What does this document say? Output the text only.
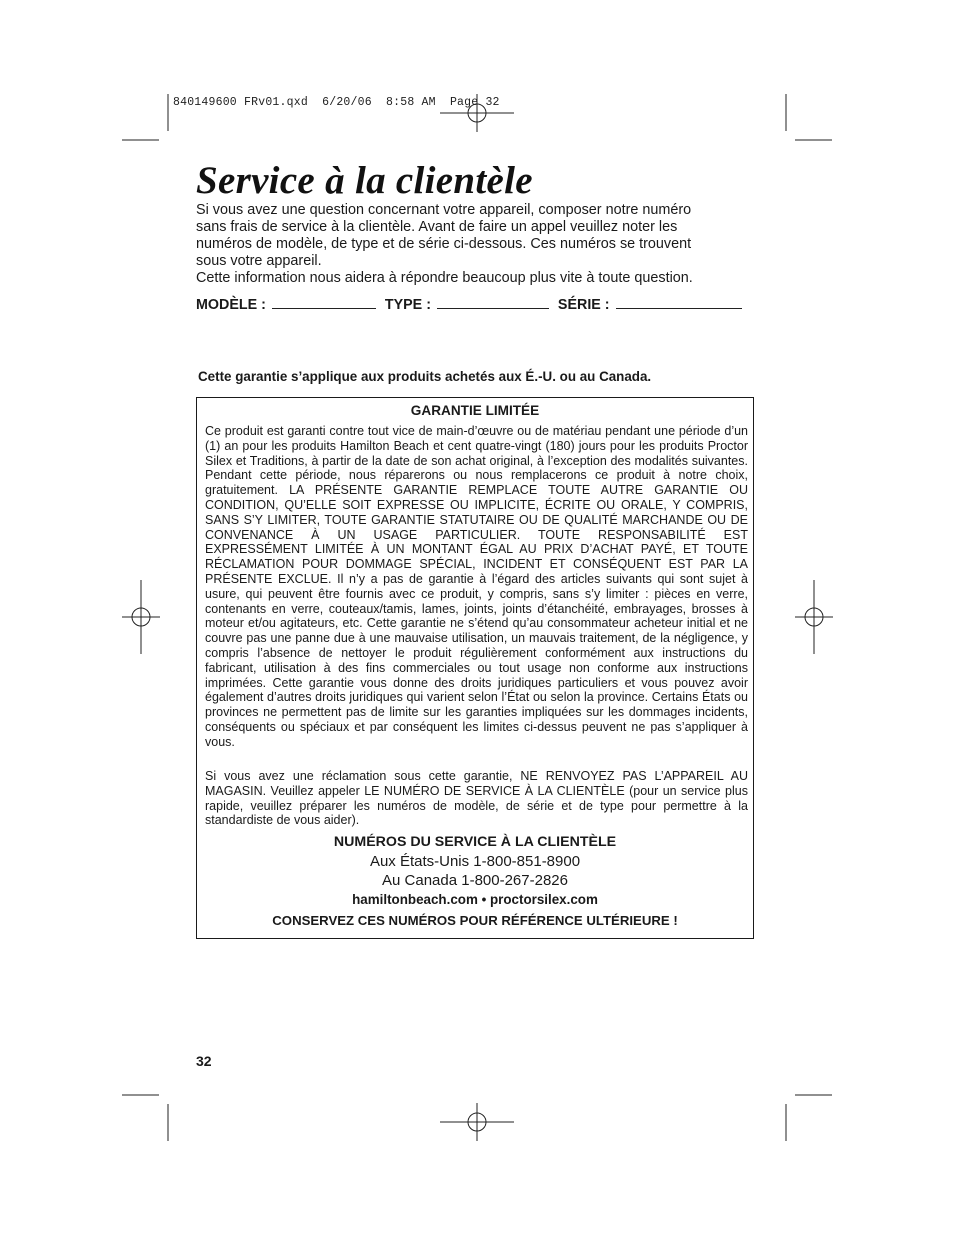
840149600 FRv01.qxd  6/20/06  8:58 AM  Page 32
Service à la clientèle

Si vous avez une question concernant votre appareil, composer notre numéro

sans frais de service à la clientèle. Avant de faire un appel veuillez noter les

numéros de modèle, de type et de série ci-dessous. Ces numéros se trouvent

sous votre appareil.

Cette information nous aidera à répondre beaucoup plus vite à toute question.

MODÈLE :	TYPE :	SÉRIE :
Cette garantie s’applique aux produits achetés aux É.-U. ou au Canada.
GARANTIE LIMITÉE

Ce produit est garanti contre tout vice de main-d’œuvre ou de matériau pendant une période d’un (1) an pour les produits Hamilton Beach et cent quatre-vingt (180) jours pour les produits Proctor Silex et Traditions, à partir de la date de son achat original, à l’exception des modalités suivantes. Pendant cette période, nous réparerons ou nous remplacerons ce produit à notre choix, gratuitement. LA PRÉSENTE GARANTIE REMPLACE TOUTE AUTRE GARANTIE OU CONDITION, QU’ELLE SOIT EXPRESSE OU IMPLICITE, ÉCRITE OU ORALE, Y COMPRIS, SANS S’Y LIMITER, TOUTE GARANTIE STATUTAIRE OU DE QUALITÉ MARCHANDE OU DE CONVENANCE À UN USAGE PARTICULIER. TOUTE RESPONSABILITÉ EST EXPRESSÉMENT LIMITÉE À UN MONTANT ÉGAL AU PRIX D’ACHAT PAYÉ, ET TOUTE RÉCLAMATION POUR DOMMAGE SPÉCIAL, INCIDENT ET CONSÉQUENT EST PAR LA PRÉSENTE EXCLUE. Il n’y a pas de garantie à l’égard des articles suivants qui sont sujet à usure, qui peuvent être fournis avec ce produit, y compris, sans s’y limiter : pièces en verre, contenants en verre, couteaux/tamis, lames, joints, joints d’étanchéité, embrayages, brosses à moteur et/ou agitateurs, etc. Cette garantie ne s’étend qu’au consommateur acheteur initial et ne couvre pas une panne due à une mauvaise utilisation, un mauvais traitement, de la négligence, y compris l’absence de nettoyer le produit régulièrement conformément aux instructions du fabricant, utilisation à des fins commerciales ou tout usage non conforme aux instructions imprimées. Cette garantie vous donne des droits juridiques particuliers et vous pouvez avoir également d’autres droits juridiques qui varient selon l’État ou selon la province. Certains États ou provinces ne permettent pas de limite sur les garanties impliquées sur les dommages incidents, conséquents ou spéciaux et par conséquent les limites ci-dessus peuvent ne pas s’appliquer à vous.

Si vous avez une réclamation sous cette garantie, NE RENVOYEZ PAS L’APPAREIL AU MAGASIN. Veuillez appeler LE NUMÉRO DE SERVICE À LA CLIENTÈLE (pour un service plus rapide, veuillez préparer les numéros de modèle, de série et de type pour permettre à la standardiste de vous aider).

NUMÉROS DU SERVICE À LA CLIENTÈLE
Aux États-Unis 1-800-851-8900
Au Canada 1-800-267-2826
hamiltonbeach.com • proctorsilex.com
CONSERVEZ CES NUMÉROS POUR RÉFÉRENCE ULTÉRIEURE !
32
